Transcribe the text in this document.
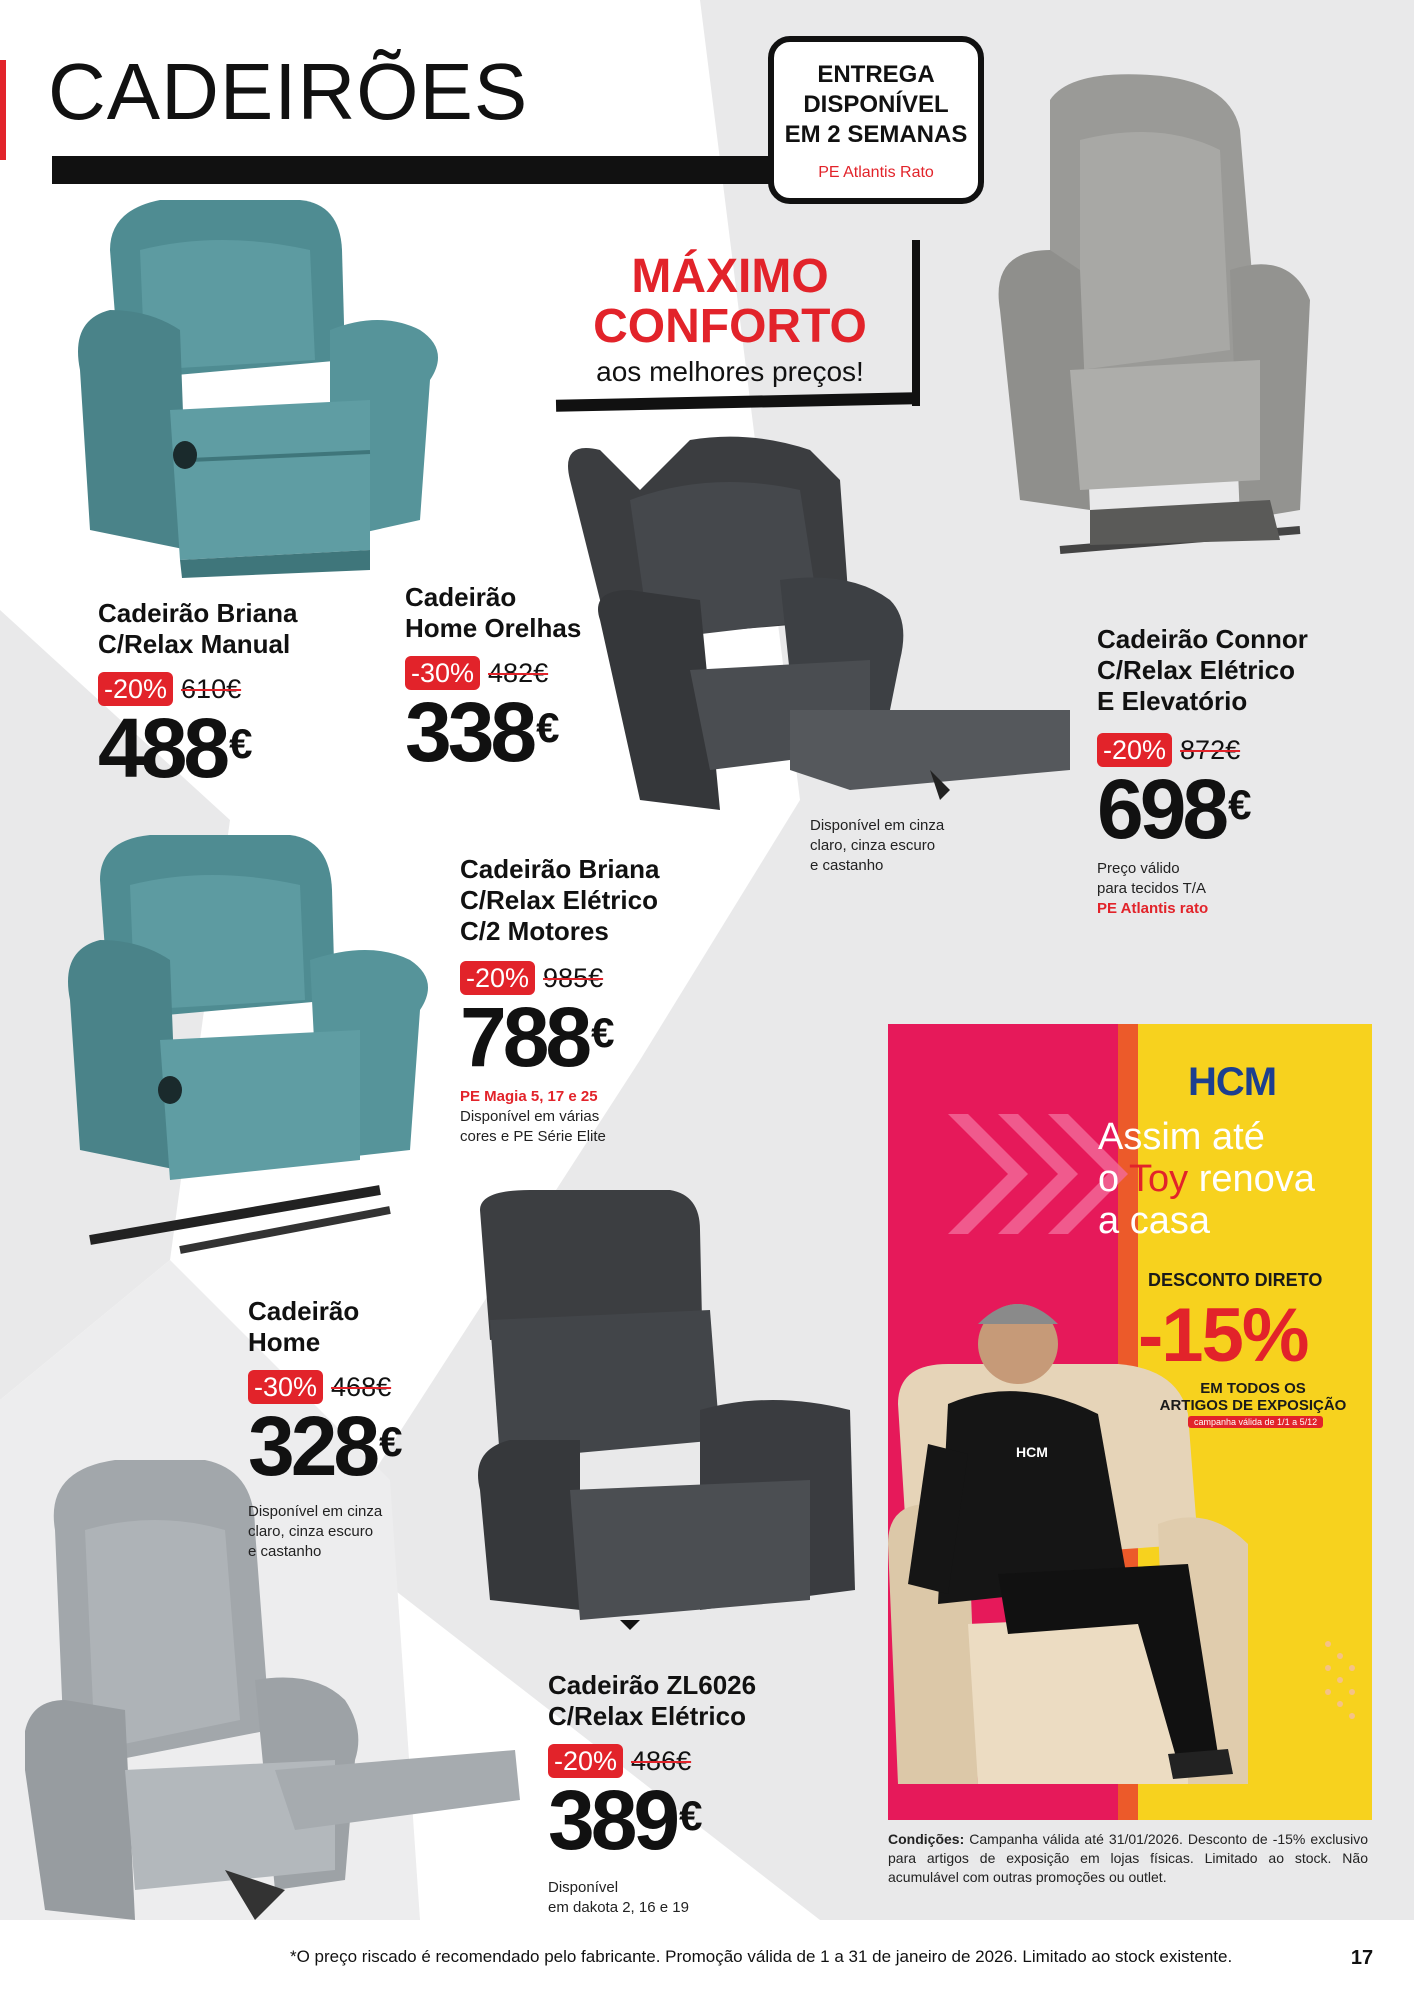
CADEIRÕES	ENTREGA
DISPONÍVEL
EM 2 SEMANAS
PE Atlantis Rato
MÁXIMO
CONFORTO
aos melhores preços!
Cadeirão Briana
C/Relax Manual
-20% 610€
488€
Cadeirão
Home Orelhas
-30% 482€
338€
Disponível em cinza
claro, cinza escuro
e castanho
Cadeirão Connor
C/Relax Elétrico
E Elevatório
-20% 872€
698€
Preço válido
para tecidos T/A
PE Atlantis rato
Cadeirão Briana
C/Relax Elétrico
C/2 Motores
-20% 985€
788€
PE Magia 5, 17 e 25
Disponível em várias
cores e PE Série Elite
Cadeirão
Home
-30% 468€
328€
Disponível em cinza
claro, cinza escuro
e castanho
Cadeirão ZL6026
C/Relax Elétrico
-20% 486€
389€
Disponível
em dakota 2, 16 e 19
HCM
Assim até
o Toy renova
a casa
DESCONTO DIRETO
-15%
EM TODOS OS
ARTIGOS DE EXPOSIÇÃO
campanha válida de 1/1 a 5/12
HCM
Condições: Campanha válida até 31/01/2026. Desconto de -15% exclusivo para artigos de exposição em lojas físicas. Limitado ao stock. Não acumulável com outras promoções ou outlet.
*O preço riscado é recomendado pelo fabricante. Promoção válida de 1 a 31 de janeiro de 2026. Limitado ao stock existente.	17
